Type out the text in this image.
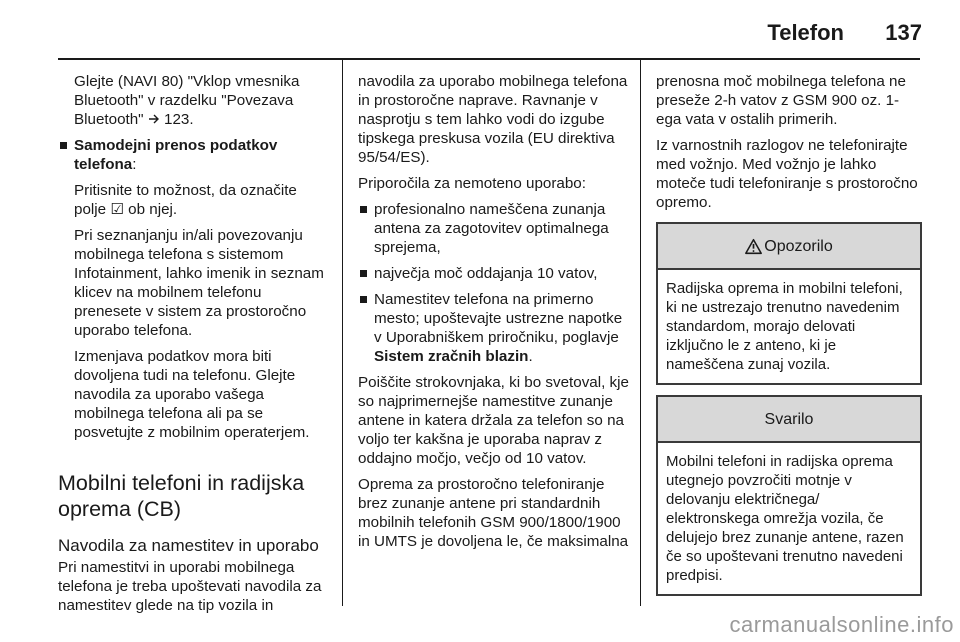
Telefon 137

Glejte (NAVI 80) "Vklop vmesnika Bluetooth" v razdelku "Povezava Bluetooth"  123.

Samodejni prenos podatkov telefona:

Pritisnite to možnost, da označite polje ☑ ob njej.

Pri seznanjanju in/ali povezovanju mobilnega telefona s sistemom Infotainment, lahko imenik in seznam klicev na mobilnem telefonu prenesete v sistem za prostoročno uporabo telefona.

Izmenjava podatkov mora biti dovoljena tudi na telefonu. Glejte navodila za uporabo vašega mobilnega telefona ali pa se posvetujte z mobilnim operaterjem.

Mobilni telefoni in radijska oprema (CB)
Navodila za namestitev in uporabo

Pri namestitvi in uporabi mobilnega telefona je treba upoštevati navodila za namestitev glede na tip vozila in

navodila za uporabo mobilnega telefona in prostoročne naprave. Ravnanje v nasprotju s tem lahko vodi do izgube tipskega preskusa vozila (EU direktiva 95/54/ES).

Priporočila za nemoteno uporabo:

profesionalno nameščena zunanja antena za zagotovitev optimalnega sprejema,
največja moč oddajanja 10 vatov,
Namestitev telefona na primerno mesto; upoštevajte ustrezne napotke v Uporabniškem priročniku, poglavje Sistem zračnih blazin.

Poiščite strokovnjaka, ki bo svetoval, kje so najprimernejše namestitve zunanje antene in katera držala za telefon so na voljo ter kakšna je uporaba naprav z oddajno močjo, večjo od 10 vatov.

Oprema za prostoročno telefoniranje brez zunanje antene pri standardnih mobilnih telefonih GSM 900/1800/1900 in UMTS je dovoljena le, če maksimalna

prenosna moč mobilnega telefona ne preseže 2-h vatov z GSM 900 oz. 1-ega vata v ostalih primerih.

Iz varnostnih razlogov ne telefonirajte med vožnjo. Med vožnjo je lahko moteče tudi telefoniranje s prostoročno opremo.

Opozorilo
Radijska oprema in mobilni telefoni, ki ne ustrezajo trenutno navedenim standardom, morajo delovati izključno le z anteno, ki je nameščena zunaj vozila.
Svarilo
Mobilni telefoni in radijska oprema utegnejo povzročiti motnje v delovanju električnega/ elektronskega omrežja vozila, če delujejo brez zunanje antene, razen če so upoštevani trenutno navedeni predpisi.
carmanualsonline.info
